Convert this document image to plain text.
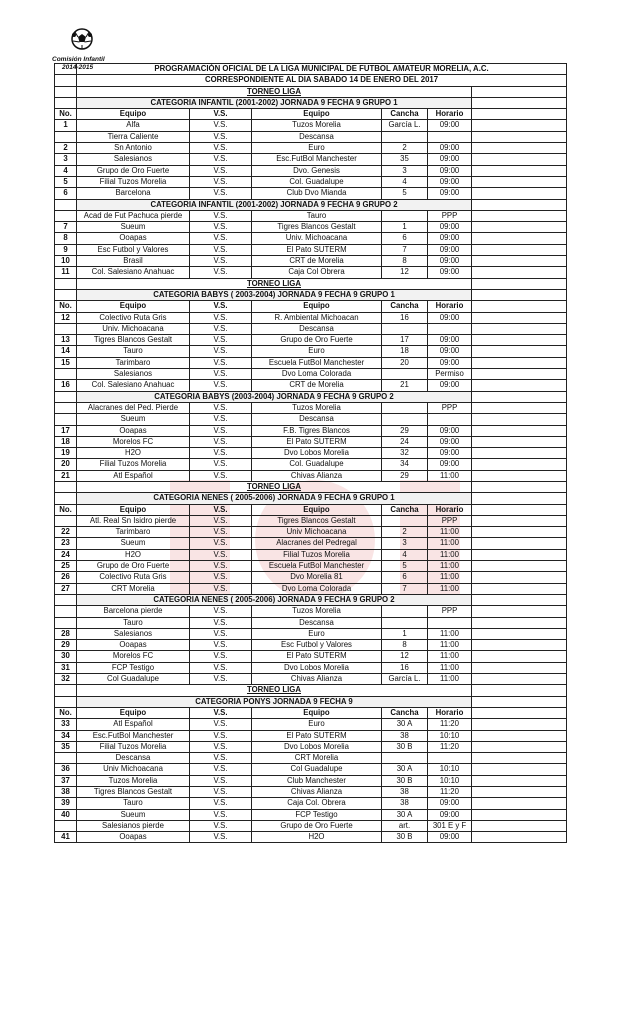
Comisión Infantil
2014-2015
		PROGRAMACIÓN OFICIAL DE LA LIGA MUNICIPAL DE FUTBOL AMATEUR MORELIA, A.C.					
	CORRESPONDIENTE AL DIA SABADO 14 DE ENERO DEL 2017					
	TORNEO LIGA					
	CATEGORIA INFANTIL (2001-2002) JORNADA 9 FECHA 9 GRUPO 1					
No.	Equipo	V.S.	Equipo	Cancha	Horario	
1	Alfa	V.S.	Tuzos Morelia	García L.	09:00	
	Tierra Caliente	V.S.	Descansa			
2	Sn Antonio	V.S.	Euro	2	09:00	
3	Salesianos	V.S.	Esc.FutBol Manchester	35	09:00	
4	Grupo de Oro Fuerte	V.S.	Dvo. Genesis	3	09:00	
5	Filial Tuzos Morelia	V.S.	Col. Guadalupe	4	09:00	
6	Barcelona	V.S.	Club Dvo Mianda	5	09:00	
	CATEGORIA INFANTIL (2001-2002) JORNADA 9 FECHA 9 GRUPO 2					
	Acad de Fut Pachuca pierde	V.S.	Tauro		PPP	
7	Sueum	V.S.	Tigres Blancos Gestalt	1	09:00	
8	Ooapas	V.S.	Univ. Michoacana	6	09:00	
9	Esc Futbol y Valores	V.S.	El Pato SUTERM	7	09:00	
10	Brasil	V.S.	CRT de Morelia	8	09:00	
11	Col. Salesiano Anahuac	V.S.	Caja Col Obrera	12	09:00	
	TORNEO LIGA					
	CATEGORIA BABYS ( 2003-2004) JORNADA 9 FECHA 9 GRUPO 1					
No.	Equipo	V.S.	Equipo	Cancha	Horario	
12	Colectivo Ruta Gris	V.S.	R. Ambiental Michoacan	16	09:00	
	Univ. Michoacana	V.S.	Descansa			
13	Tigres Blancos Gestalt	V.S.	Grupo de Oro Fuerte	17	09:00	
14	Tauro	V.S.	Euro	18	09:00	
15	Tarimbaro	V.S.	Escuela FutBol Manchester	20	09:00	
	Salesianos	V.S.	Dvo Loma Colorada		Permiso	
16	Col. Salesiano Anahuac	V.S.	CRT de Morelia	21	09:00	
	CATEGORIA BABYS (2003-2004) JORNADA 9 FECHA 9 GRUPO 2					
	Alacranes del Ped. Pierde	V.S.	Tuzos Morelia		PPP	
	Sueum	V.S.	Descansa			
17	Ooapas	V.S.	F.B. Tigres Blancos	29	09:00	
18	Morelos FC	V.S.	El Pato SUTERM	24	09:00	
19	H2O	V.S.	Dvo Lobos Morelia	32	09:00	
20	Filial Tuzos Morelia	V.S.	Col. Guadalupe	34	09:00	
21	Atl Español	V.S.	Chivas Alianza	29	11:00	
	TORNEO LIGA					
	CATEGORIA NENES ( 2005-2006) JORNADA 9 FECHA 9 GRUPO 1					
No.	Equipo	V.S.	Equipo	Cancha	Horario	
	Atl. Real Sn Isidro pierde	V.S.	Tigres Blancos Gestalt		PPP	
22	Tarimbaro	V.S.	Univ Michoacana	2	11:00	
23	Sueum	V.S.	Alacranes del Pedregal	3	11:00	
24	H2O	V.S.	Filial Tuzos Morelia	4	11:00	
25	Grupo de Oro Fuerte	V.S.	Escuela FutBol Manchester	5	11:00	
26	Colectivo Ruta Gris	V.S.	Dvo Morelia 81	6	11:00	
27	CRT Morelia	V.S.	Dvo Loma Colorada	7	11:00	
	CATEGORIA NENES ( 2005-2006) JORNADA 9 FECHA 9 GRUPO 2					
	Barcelona pierde	V.S.	Tuzos Morelia		PPP	
	Tauro	V.S.	Descansa			
28	Salesianos	V.S.	Euro	1	11:00	
29	Ooapas	V.S.	Esc Futbol y Valores	8	11:00	
30	Morelos FC	V.S.	El Pato SUTERM	12	11:00	
31	FCP Testigo	V.S.	Dvo Lobos Morelia	16	11:00	
32	Col Guadalupe	V.S.	Chivas Alianza	García L.	11:00	
	TORNEO LIGA					
	CATEGORIA PONYS JORNADA 9 FECHA 9					
No.	Equipo	V.S.	Equipo	Cancha	Horario	
33	Atl Español	V.S.	Euro	30 A	11:20	
34	Esc.FutBol Manchester	V.S.	El Pato SUTERM	38	10:10	
35	Filial Tuzos Morelia	V.S.	Dvo Lobos Morelia	30 B	11:20	
	Descansa	V.S.	CRT Morelia			
36	Univ Michoacana	V.S.	Col Guadalupe	30 A	10:10	
37	Tuzos Morelia	V.S.	Club Manchester	30 B	10:10	
38	Tigres Blancos Gestalt	V.S.	Chivas Alianza	38	11:20	
39	Tauro	V.S.	Caja Col. Obrera	38	09:00	
40	Sueum	V.S.	FCP Testigo	30 A	09:00	
	Salesianos pierde	V.S.	Grupo de Oro Fuerte	art.	301 E y F	
41	Ooapas	V.S.	H2O	30 B	09:00	
